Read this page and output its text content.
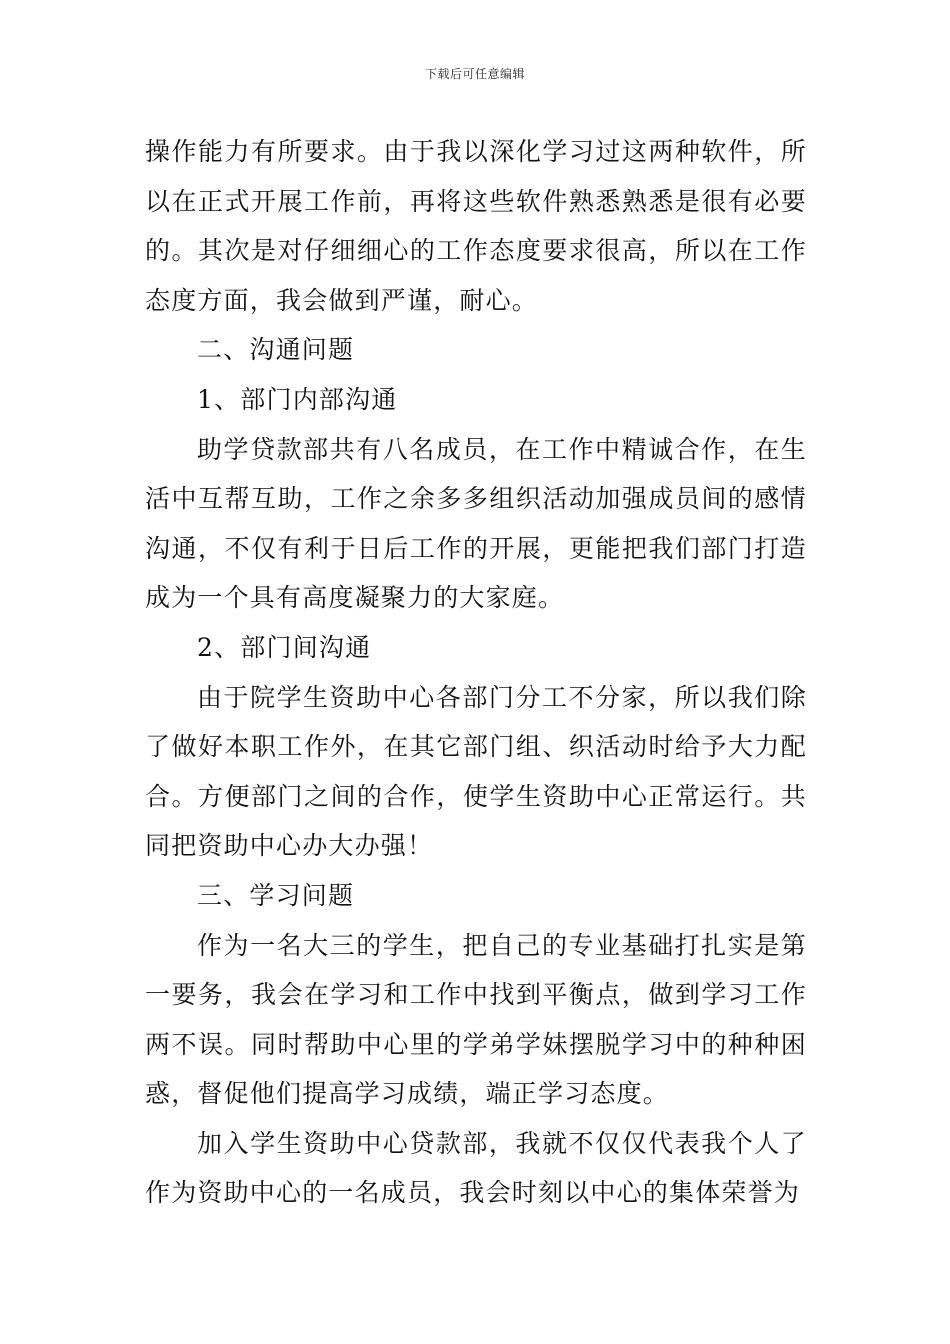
下载后可任意编辑

操作能力有所要求。由于我以深化学习过这两种软件，所以在正式开展工作前，再将这些软件熟悉熟悉是很有必要的。其次是对仔细细心的工作态度要求很高，所以在工作态度方面，我会做到严谨，耐心。

二、沟通问题

1、部门内部沟通

助学贷款部共有八名成员，在工作中精诚合作，在生活中互帮互助，工作之余多多组织活动加强成员间的感情沟通，不仅有利于日后工作的开展，更能把我们部门打造成为一个具有高度凝聚力的大家庭。

2、部门间沟通

由于院学生资助中心各部门分工不分家，所以我们除了做好本职工作外，在其它部门组、织活动时给予大力配合。方便部门之间的合作，使学生资助中心正常运行。共同把资助中心办大办强！

三、学习问题

作为一名大三的学生，把自己的专业基础打扎实是第一要务，我会在学习和工作中找到平衡点，做到学习工作两不误。同时帮助中心里的学弟学妹摆脱学习中的种种困惑，督促他们提高学习成绩，端正学习态度。

加入学生资助中心贷款部，我就不仅仅代表我个人了作为资助中心的一名成员，我会时刻以中心的集体荣誉为
